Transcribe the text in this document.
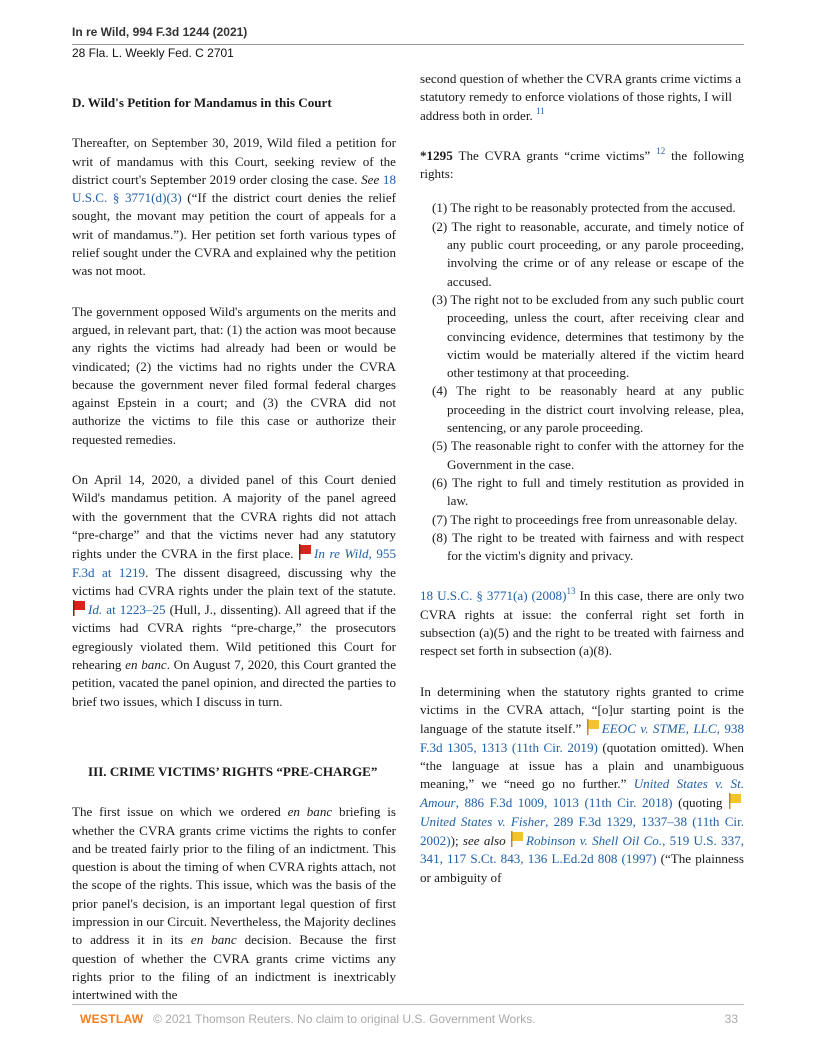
In re Wild, 994 F.3d 1244 (2021)
28 Fla. L. Weekly Fed. C 2701

D. Wild's Petition for Mandamus in this Court

Thereafter, on September 30, 2019, Wild filed a petition for writ of mandamus with this Court, seeking review of the district court's September 2019 order closing the case. See 18 U.S.C. § 3771(d)(3) (“If the district court denies the relief sought, the movant may petition the court of appeals for a writ of mandamus.”). Her petition set forth various types of relief sought under the CVRA and explained why the petition was not moot.

The government opposed Wild's arguments on the merits and argued, in relevant part, that: (1) the action was moot because any rights the victims had already had been or would be vindicated; (2) the victims had no rights under the CVRA because the government never filed formal federal charges against Epstein in a court; and (3) the CVRA did not authorize the victims to file this case or authorize their requested remedies.

On April 14, 2020, a divided panel of this Court denied Wild's mandamus petition. A majority of the panel agreed with the government that the CVRA rights did not attach “pre-charge” and that the victims never had any statutory rights under the CVRA in the first place. In re Wild, 955 F.3d at 1219. The dissent disagreed, discussing why the victims had CVRA rights under the plain text of the statute. Id. at 1223–25 (Hull, J., dissenting). All agreed that if the victims had CVRA rights “pre-charge,” the prosecutors egregiously violated them. Wild petitioned this Court for rehearing en banc. On August 7, 2020, this Court granted the petition, vacated the panel opinion, and directed the parties to brief two issues, which I discuss in turn.

III. CRIME VICTIMS’ RIGHTS “PRE-CHARGE”

The first issue on which we ordered en banc briefing is whether the CVRA grants crime victims the rights to confer and be treated fairly prior to the filing of an indictment. This question is about the timing of when CVRA rights attach, not the scope of the rights. This issue, which was the basis of the prior panel's decision, is an important legal question of first impression in our Circuit. Nevertheless, the Majority declines to address it in its en banc decision. Because the first question of whether the CVRA grants crime victims any rights prior to the filing of an indictment is inextricably intertwined with the

second question of whether the CVRA grants crime victims a statutory remedy to enforce violations of those rights, I will address both in order. $^{11}$

*1295 The CVRA grants “crime victims” $^{12}$ the following rights:

(1) The right to be reasonably protected from the accused.

(2) The right to reasonable, accurate, and timely notice of any public court proceeding, or any parole proceeding, involving the crime or of any release or escape of the accused.

(3) The right not to be excluded from any such public court proceeding, unless the court, after receiving clear and convincing evidence, determines that testimony by the victim would be materially altered if the victim heard other testimony at that proceeding.

(4) The right to be reasonably heard at any public proceeding in the district court involving release, plea, sentencing, or any parole proceeding.

(5) The reasonable right to confer with the attorney for the Government in the case.

(6) The right to full and timely restitution as provided in law.

(7) The right to proceedings free from unreasonable delay.

(8) The right to be treated with fairness and with respect for the victim's dignity and privacy.

18 U.S.C. § 3771(a) $(2008)^{13}$ In this case, there are only two CVRA rights at issue: the conferral right set forth in subsection (a)(5) and the right to be treated with fairness and respect set forth in subsection (a)(8).

In determining when the statutory rights granted to crime victims in the CVRA attach, “[o]ur starting point is the language of the statute itself.” EEOC v. STME, LLC, 938 F.3d 1305, 1313 (11th Cir. 2019) (quotation omitted). When “the language at issue has a plain and unambiguous meaning,” we “need go no further.” United States v. St. Amour, 886 F.3d 1009, 1013 (11th Cir. 2018) (quoting United States v. Fisher, 289 F.3d 1329, 1337–38 (11th Cir. 2002)); see also Robinson v. Shell Oil Co., 519 U.S. 337, 341, 117 S.Ct. 843, 136 L.Ed.2d 808 (1997) (“The plainness or ambiguity of

WESTLAW © 2021 Thomson Reuters. No claim to original U.S. Government Works.	33
